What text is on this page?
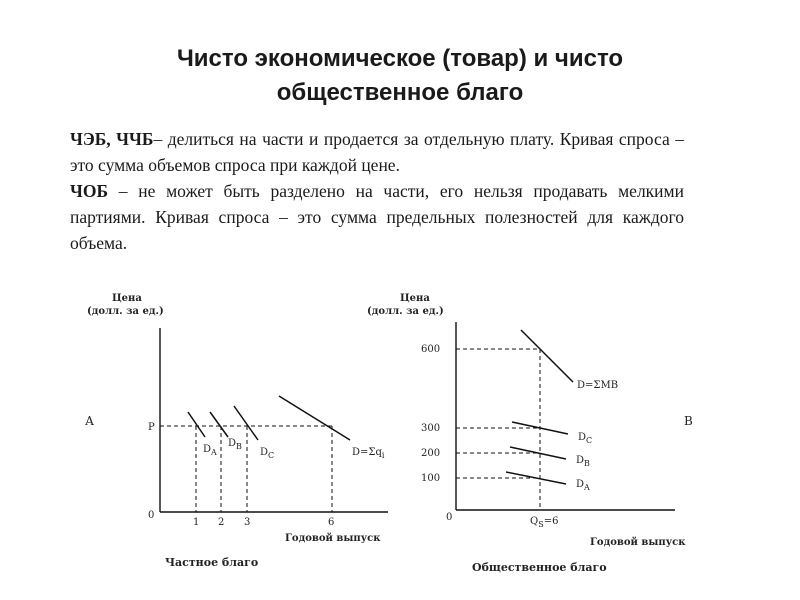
Чисто экономическое (товар) и чисто
общественное благо

ЧЭБ, ЧЧБ– делиться на части и продается за отдельную плату. Кривая спроса – это сумма объемов спроса при каждой цене.

ЧОБ – не может быть разделено на части, его нельзя продавать мелкими партиями. Кривая спроса – это сумма предельных полезностей для каждого объема.

А
Цена
(долл. за ед.)
P
0
1 2 3	6
Годовой выпуск
Частное благо
$D_A$
$D_B$
$D_C$	$D=\Sigma q_i$
B
Цена
(долл. за ед.)
600
300
200
100
0	$Q_S=6$
Годовой выпуск
Общественное благо
D=ΣMB
$D_C$
$D_B$
$D_A$
